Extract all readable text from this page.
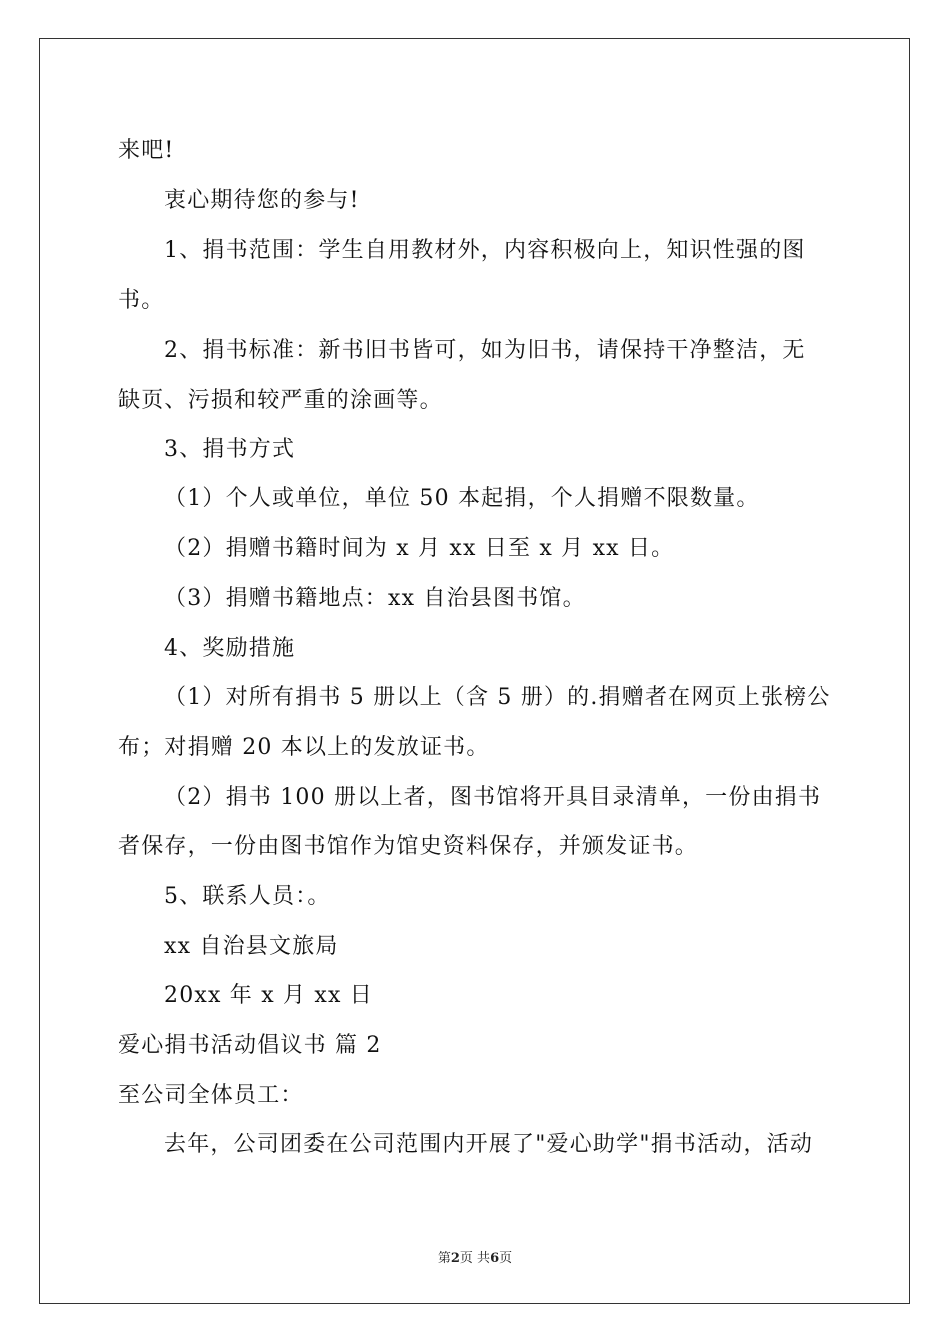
来吧!
衷心期待您的参与!
1、捐书范围：学生自用教材外，内容积极向上，知识性强的图
书。
2、捐书标准：新书旧书皆可，如为旧书，请保持干净整洁，无
缺页、污损和较严重的涂画等。
3、捐书方式
（1）个人或单位，单位 50 本起捐，个人捐赠不限数量。
（2）捐赠书籍时间为 x 月 xx 日至 x 月 xx 日。
（3）捐赠书籍地点：xx 自治县图书馆。
4、奖励措施
（1）对所有捐书 5 册以上（含 5 册）的.捐赠者在网页上张榜公
布；对捐赠 20 本以上的发放证书。
（2）捐书 100 册以上者，图书馆将开具目录清单，一份由捐书
者保存，一份由图书馆作为馆史资料保存，并颁发证书。
5、联系人员：。
xx 自治县文旅局
20xx 年 x 月 xx 日
爱心捐书活动倡议书 篇 2
至公司全体员工：
去年，公司团委在公司范围内开展了"爱心助学"捐书活动，活动
第2页 共6页
